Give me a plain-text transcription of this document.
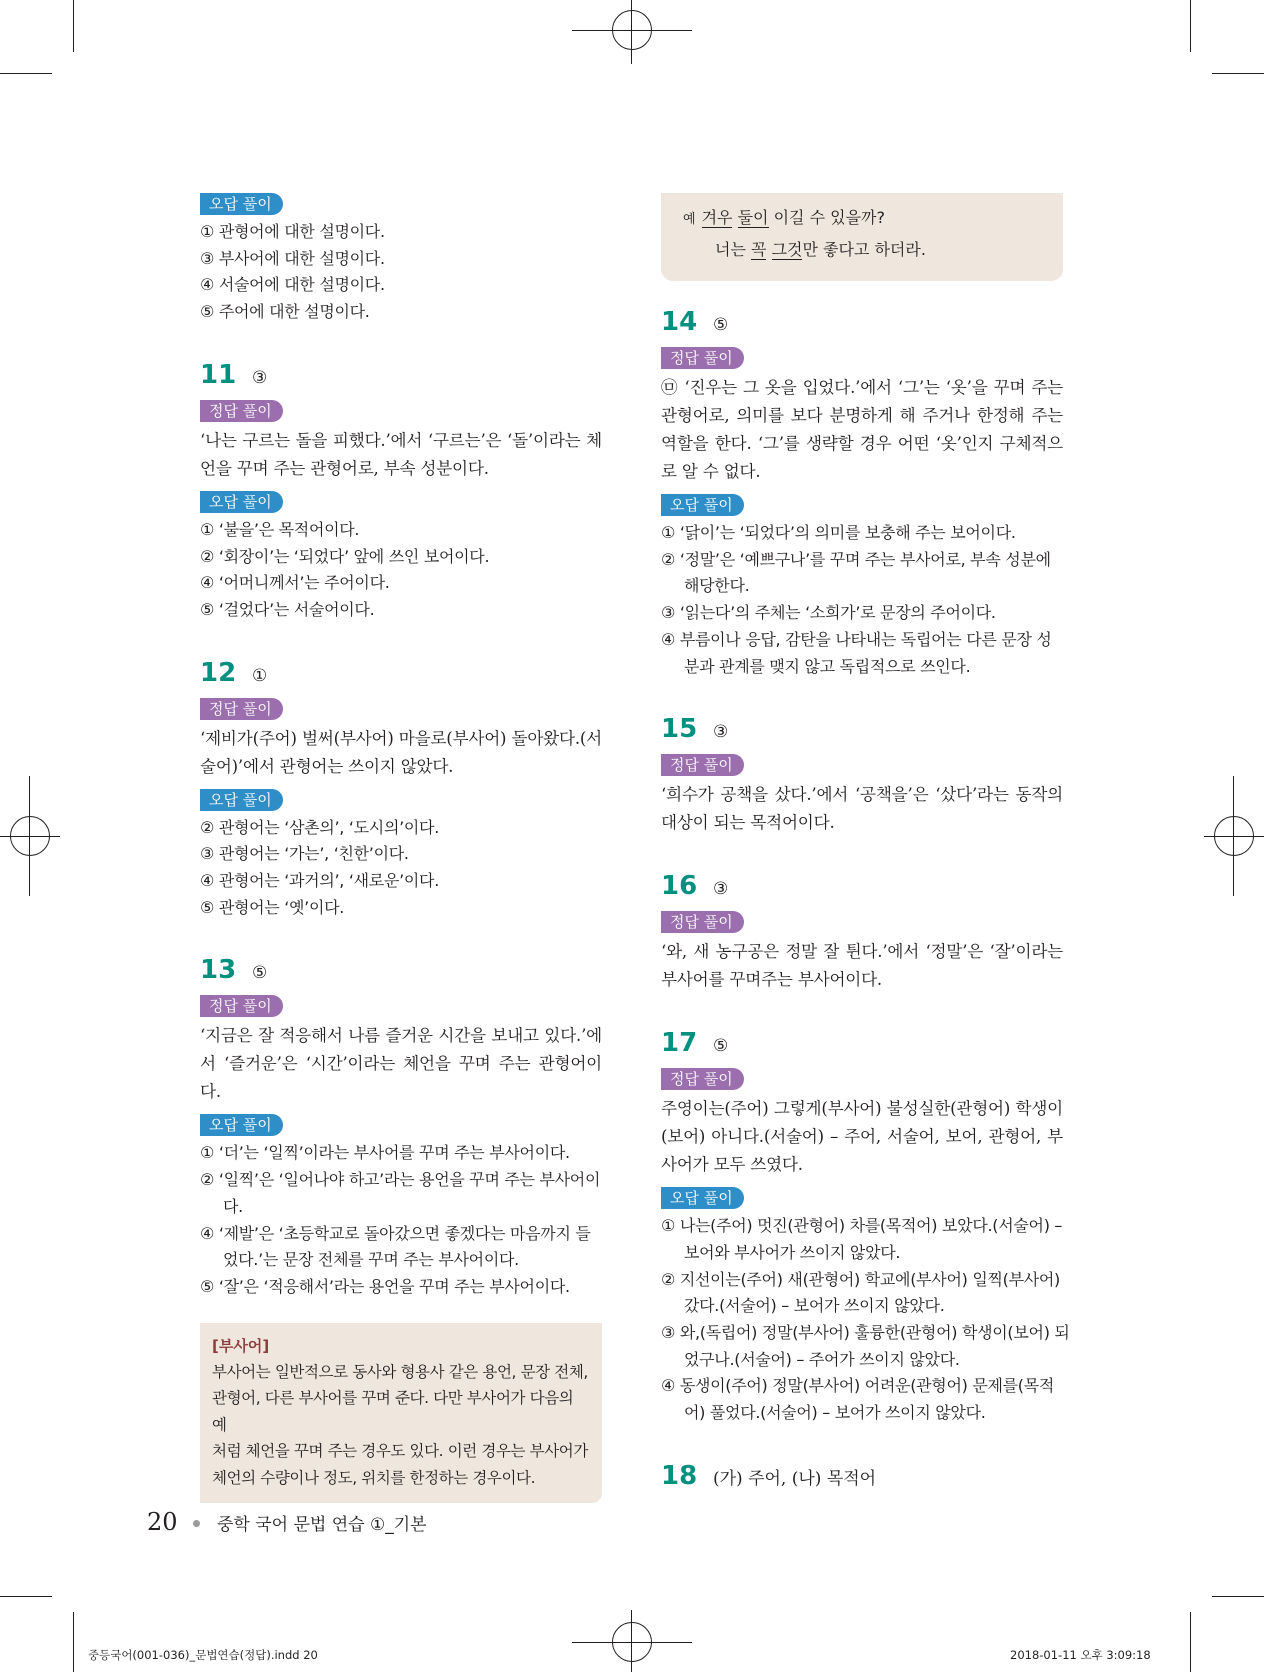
오답 풀이
① 관형어에 대한 설명이다.
③ 부사어에 대한 설명이다.
④ 서술어에 대한 설명이다.
⑤ 주어에 대한 설명이다.
11 ③
정답 풀이
‘나는 구르는 돌을 피했다.’에서 ‘구르는’은 ‘돌’이라는 체언을 꾸며 주는 관형어로, 부속 성분이다.
오답 풀이
① ‘불을’은 목적어이다.
② ‘회장이’는 ‘되었다’ 앞에 쓰인 보어이다.
④ ‘어머니께서’는 주어이다.
⑤ ‘걸었다’는 서술어이다.
12 ①
정답 풀이
‘제비가(주어) 벌써(부사어) 마을로(부사어) 돌아왔다.(서술어)’에서 관형어는 쓰이지 않았다.
오답 풀이
② 관형어는 ‘삼촌의’, ‘도시의’이다.
③ 관형어는 ‘가는’, ‘친한’이다.
④ 관형어는 ‘과거의’, ‘새로운’이다.
⑤ 관형어는 ‘옛’이다.
13 ⑤
정답 풀이
‘지금은 잘 적응해서 나름 즐거운 시간을 보내고 있다.’에서 ‘즐거운’은 ‘시간’이라는 체언을 꾸며 주는 관형어이다.
오답 풀이
① ‘더’는 ‘일찍’이라는 부사어를 꾸며 주는 부사어이다.
② ‘일찍’은 ‘일어나야 하고’라는 용언을 꾸며 주는 부사어이
다.
④ ‘제발’은 ‘초등학교로 돌아갔으면 좋겠다는 마음까지 들
었다.’는 문장 전체를 꾸며 주는 부사어이다.
⑤ ‘잘’은 ‘적응해서’라는 용언을 꾸며 주는 부사어이다.
[부사어]
부사어는 일반적으로 동사와 형용사 같은 용언, 문장 전체,
관형어, 다른 부사어를 꾸며 준다. 다만 부사어가 다음의 예
처럼 체언을 꾸며 주는 경우도 있다. 이런 경우는 부사어가
체언의 수량이나 정도, 위치를 한정하는 경우이다.
예 겨우 둘이 이길 수 있을까?
너는 꼭 그것만 좋다고 하더라.
14 ⑤
정답 풀이
㉤ ‘진우는 그 옷을 입었다.’에서 ‘그’는 ‘옷’을 꾸며 주는 관형어로, 의미를 보다 분명하게 해 주거나 한정해 주는 역할을 한다. ‘그’를 생략할 경우 어떤 ‘옷’인지 구체적으로 알 수 없다.
오답 풀이
① ‘닭이’는 ‘되었다’의 의미를 보충해 주는 보어이다.
② ‘정말’은 ‘예쁘구나’를 꾸며 주는 부사어로, 부속 성분에
해당한다.
③ ‘읽는다’의 주체는 ‘소희가’로 문장의 주어이다.
④ 부름이나 응답, 감탄을 나타내는 독립어는 다른 문장 성
분과 관계를 맺지 않고 독립적으로 쓰인다.
15 ③
정답 풀이
‘희수가 공책을 샀다.’에서 ‘공책을’은 ‘샀다’라는 동작의 대상이 되는 목적어이다.
16 ③
정답 풀이
‘와, 새 농구공은 정말 잘 튄다.’에서 ‘정말’은 ‘잘’이라는 부사어를 꾸며주는 부사어이다.
17 ⑤
정답 풀이
주영이는(주어) 그렇게(부사어) 불성실한(관형어) 학생이(보어) 아니다.(서술어) – 주어, 서술어, 보어, 관형어, 부사어가 모두 쓰였다.
오답 풀이
① 나는(주어) 멋진(관형어) 차를(목적어) 보았다.(서술어) –
보어와 부사어가 쓰이지 않았다.
② 지선이는(주어) 새(관형어) 학교에(부사어) 일찍(부사어)
갔다.(서술어) – 보어가 쓰이지 않았다.
③ 와,(독립어) 정말(부사어) 훌륭한(관형어) 학생이(보어) 되
었구나.(서술어) – 주어가 쓰이지 않았다.
④ 동생이(주어) 정말(부사어) 어려운(관형어) 문제를(목적
어) 풀었다.(서술어) – 보어가 쓰이지 않았다.
18 (가) 주어, (나) 목적어
20 중학 국어 문법 연습 ①_기본
중등국어(001-036)_문법연습(정답).indd 20	2018-01-11 오후 3:09:18
